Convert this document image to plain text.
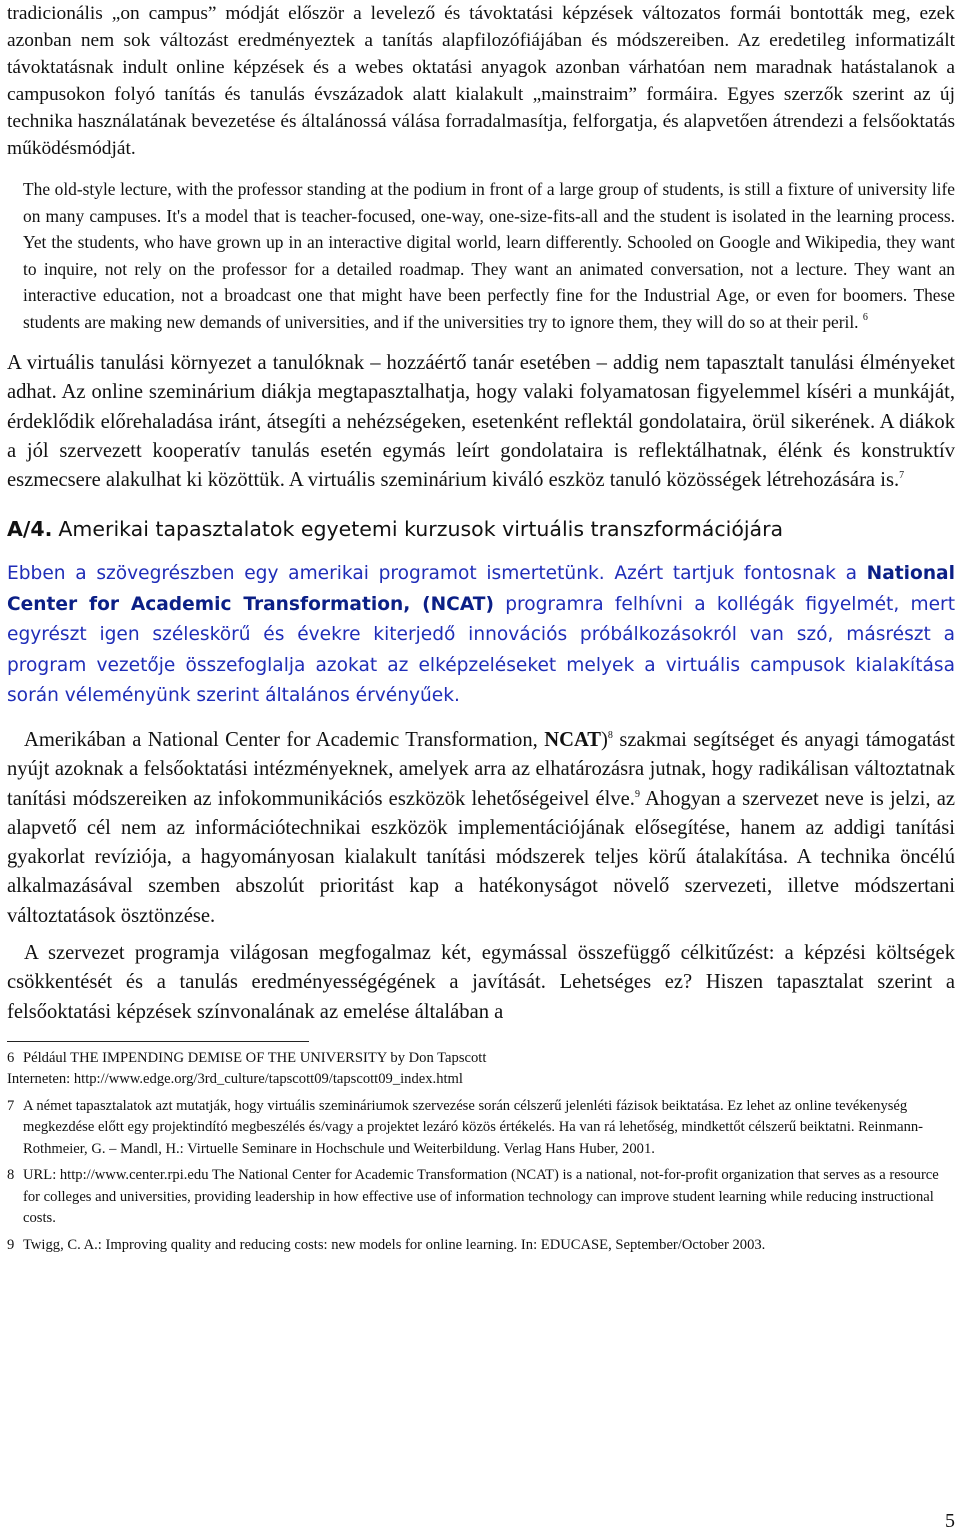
tradicionális „on campus” módját először a levelező és távoktatási képzések változatos formái bontották meg, ezek azonban nem sok változást eredményeztek a tanítás alapfilozófiájában és módszereiben. Az eredetileg informatizált távoktatásnak indult online képzések és a webes oktatási anyagok azonban várhatóan nem maradnak hatástalanok a campusokon folyó tanítás és tanulás évszázadok alatt kialakult „mainstraim” formáira. Egyes szerzők szerint az új technika használatának bevezetése és általánossá válása forradalmasítja, felforgatja, és alapvetően átrendezi a felsőoktatás működésmódját.

The old-style lecture, with the professor standing at the podium in front of a large group of students, is still a fixture of university life on many campuses. It's a model that is teacher-focused, one-way, one-size-fits-all and the student is isolated in the learning process. Yet the students, who have grown up in an interactive digital world, learn differently. Schooled on Google and Wikipedia, they want to inquire, not rely on the professor for a detailed roadmap. They want an animated conversation, not a lecture. They want an interactive education, not a broadcast one that might have been perfectly fine for the Industrial Age, or even for boomers. These students are making new demands of universities, and if the universities try to ignore them, they will do so at their peril. $^6$

A virtuális tanulási környezet a tanulóknak – hozzáértő tanár esetében – addig nem tapasztalt tanulási élményeket adhat. Az online szeminárium diákja megtapasztalhatja, hogy valaki folyamatosan figyelemmel kíséri a munkáját, érdeklődik előrehaladása iránt, átsegíti a nehézségeken, esetenként reflektál gondolataira, örül sikerének. A diákok a jól szervezett kooperatív tanulás esetén egymás leírt gondolataira is reflektálhatnak, élénk és konstruktív eszmecsere alakulhat ki közöttük. A virtuális szeminárium kiváló eszköz tanuló közösségek létrehozására is.$^7$

A/4. Amerikai tapasztalatok egyetemi kurzusok virtuális transzformációjára

Ebben a szövegrészben egy amerikai programot ismertetünk. Azért tartjuk fontosnak a National Center for Academic Transformation, (NCAT) programra felhívni a kollégák figyelmét, mert egyrészt igen széleskörű és évekre kiterjedő innovációs próbálkozásokról van szó, másrészt a program vezetője összefoglalja azokat az elképzeléseket melyek a virtuális campusok kialakítása során véleményünk szerint általános érvényűek.

Amerikában a National Center for Academic Transformation, NCAT)$^8$ szakmai segítséget és anyagi támogatást nyújt azoknak a felsőoktatási intézményeknek, amelyek arra az elhatározásra jutnak, hogy radikálisan változtatnak tanítási módszereiken az infokommunikációs eszközök lehetőségeivel élve.$^9$ Ahogyan a szervezet neve is jelzi, az alapvető cél nem az információtechnikai eszközök implementációjának elősegítése, hanem az addigi tanítási gyakorlat revíziója, a hagyományosan kialakult tanítási módszerek teljes körű átalakítása. A technika öncélú alkalmazásával szemben abszolút prioritást kap a hatékonyságot növelő szervezeti, illetve módszertani változtatások ösztönzése.

A szervezet programja világosan megfogalmaz két, egymással összefüggő célkitűzést: a képzési költségek csökkentését és a tanulás eredményességégének a javítását. Lehetséges ez? Hiszen tapasztalat szerint a felsőoktatási képzések színvonalának az emelése általában a

6 Például THE IMPENDING DEMISE OF THE UNIVERSITY by Don Tapscott
Interneten: http://www.edge.org/3rd_culture/tapscott09/tapscott09_index.html
7 A német tapasztalatok azt mutatják, hogy virtuális szemináriumok szervezése során célszerű jelenléti fázisok beiktatása. Ez lehet az online tevékenység megkezdése előtt egy projektindító megbeszélés és/vagy a projektet lezáró közös értékelés. Ha van rá lehetőség, mindkettőt célszerű beiktatni. Reinmann-Rothmeier, G. – Mandl, H.: Virtuelle Seminare in Hochschule und Weiterbildung. Verlag Hans Huber, 2001.
8 URL: http://www.center.rpi.edu The National Center for Academic Transformation (NCAT) is a national, not-for-profit organization that serves as a resource for colleges and universities, providing leadership in how effective use of information technology can improve student learning while reducing instructional costs.
9 Twigg, C. A.: Improving quality and reducing costs: new models for online learning. In: EDUCASE, September/October 2003.
5
